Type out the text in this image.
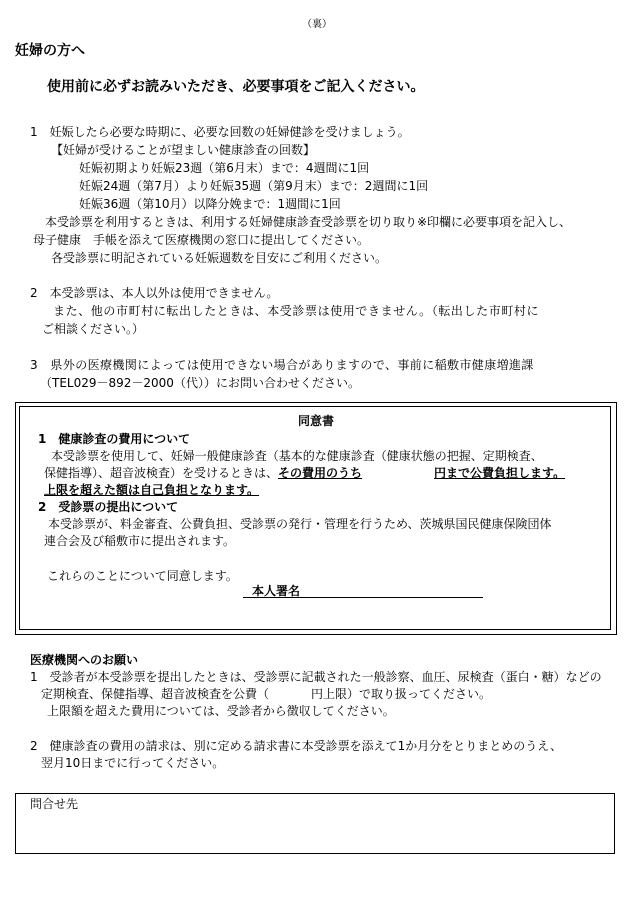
（裏）
妊婦の方へ
使用前に必ずお読みいただき、必要事項をご記入ください。
1　妊娠したら必要な時期に、必要な回数の妊婦健診を受けましょう。
【妊婦が受けることが望ましい健康診査の回数】
妊娠初期より妊娠23週（第6月末）まで：4週間に1回
妊娠24週（第7月）より妊娠35週（第9月末）まで：2週間に1回
妊娠36週（第10月）以降分娩まで：1週間に1回
本受診票を利用するときは、利用する妊婦健康診査受診票を切り取り※印欄に必要事項を記入し、
母子健康　手帳を添えて医療機関の窓口に提出してください。
各受診票に明記されている妊娠週数を目安にご利用ください。
2　本受診票は、本人以外は使用できません。
また、他の市町村に転出したときは、本受診票は使用できません。（転出した市町村に
ご相談ください。）
3　県外の医療機関によっては使用できない場合がありますので、事前に稲敷市健康増進課
（TEL029－892－2000（代））にお問い合わせください。
同意書
1　健康診査の費用について
本受診票を使用して、妊婦一般健康診査（基本的な健康診査（健康状態の把握、定期検査、
保健指導）、超音波検査）を受けるときは、その費用のうち	円まで公費負担します。
上限を超えた額は自己負担となります。
2　受診票の提出について
本受診票が、料金審査、公費負担、受診票の発行・管理を行うため、茨城県国民健康保険団体
連合会及び稲敷市に提出されます。
これらのことについて同意します。
本人署名
医療機関へのお願い
1　受診者が本受診票を提出したときは、受診票に記載された一般診察、血圧、尿検査（蛋白・糖）などの
定期検査、保健指導、超音波検査を公費（	円上限）で取り扱ってください。
上限額を超えた費用については、受診者から徴収してください。
2　健康診査の費用の請求は、別に定める請求書に本受診票を添えて1か月分をとりまとめのうえ、
翌月10日までに行ってください。
問合せ先
